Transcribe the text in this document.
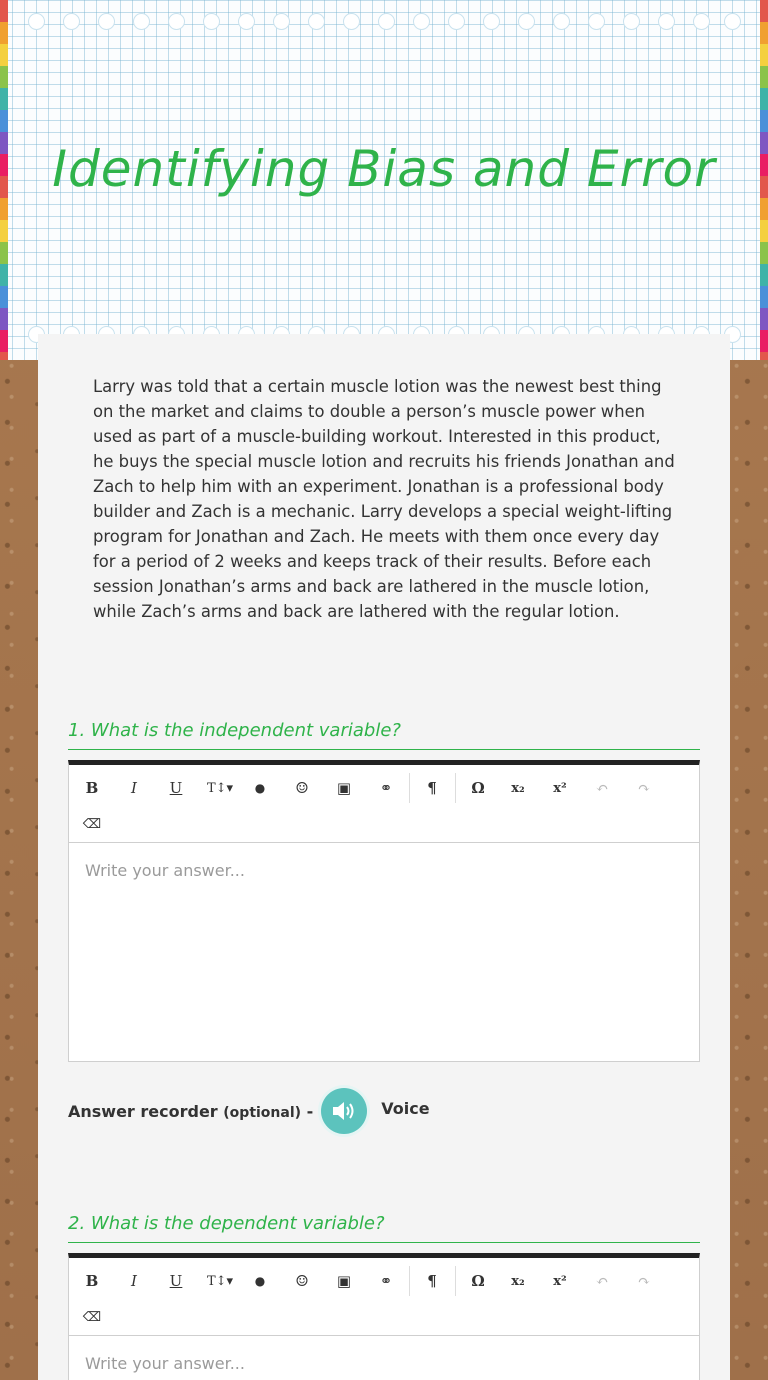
Identifying Bias and Error

Larry was told that a certain muscle lotion was the newest best thing on the market and claims to double a person’s muscle power when used as part of a muscle-building workout. Interested in this product, he buys the special muscle lotion and recruits his friends Jonathan and Zach to help him with an experiment. Jonathan is a professional body builder and Zach is a mechanic. Larry develops a special weight-lifting program for Jonathan and Zach. He meets with them once every day for a period of 2 weeks and keeps track of their results. Before each session Jonathan’s arms and back are lathered in the muscle lotion, while Zach’s arms and back are lathered with the regular lotion.

1. What is the independent variable?
B	I	U	T↕▾	●	☺	▣	⚭	¶	Ω	x₂	x²	↶	↷
⌫
Write your answer...
Answer recorder (optional) -	Voice
2. What is the dependent variable?
B	I	U	T↕▾	●	☺	▣	⚭	¶	Ω	x₂	x²	↶	↷
⌫
Write your answer...
